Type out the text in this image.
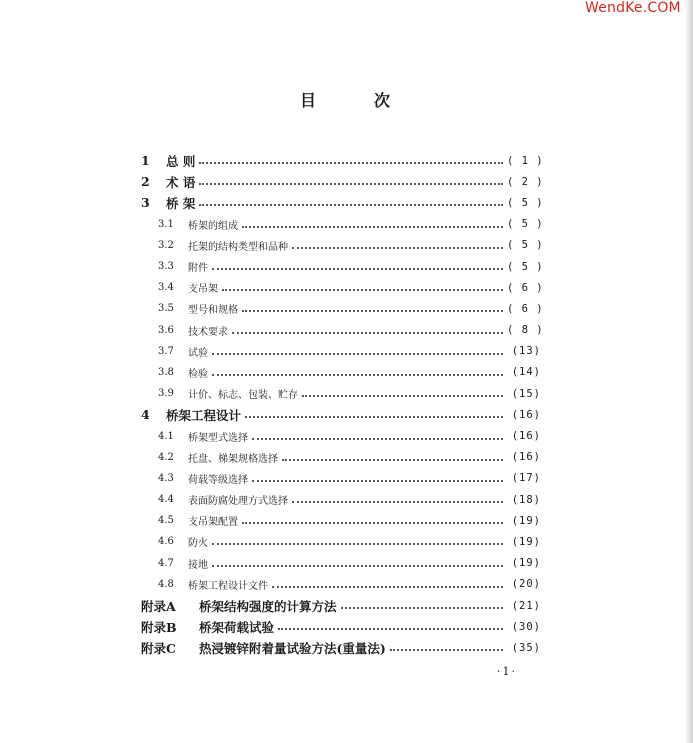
WendKe.COM
目	次
1	总 则	( 1 )
2	术 语	( 2 )
3	桥 架	( 5 )
3.1	桥架的组成	( 5 )
3.2	托架的结构类型和品种	( 5 )
3.3	附件	( 5 )
3.4	支吊架	( 6 )
3.5	型号和规格	( 6 )
3.6	技术要求	( 8 )
3.7	试验	(13)
3.8	检验	(14)
3.9	计价、标志、包装、贮存	(15)
4	桥架工程设计	(16)
4.1	桥架型式选择	(16)
4.2	托盘、梯架规格选择	(16)
4.3	荷载等级选择	(17)
4.4	表面防腐处理方式选择	(18)
4.5	支吊架配置	(19)
4.6	防火	(19)
4.7	接地	(19)
4.8	桥架工程设计文件	(20)
附录A	桥架结构强度的计算方法	(21)
附录B	桥架荷载试验	(30)
附录C	热浸镀锌附着量试验方法(重量法)	(35)
·1·
